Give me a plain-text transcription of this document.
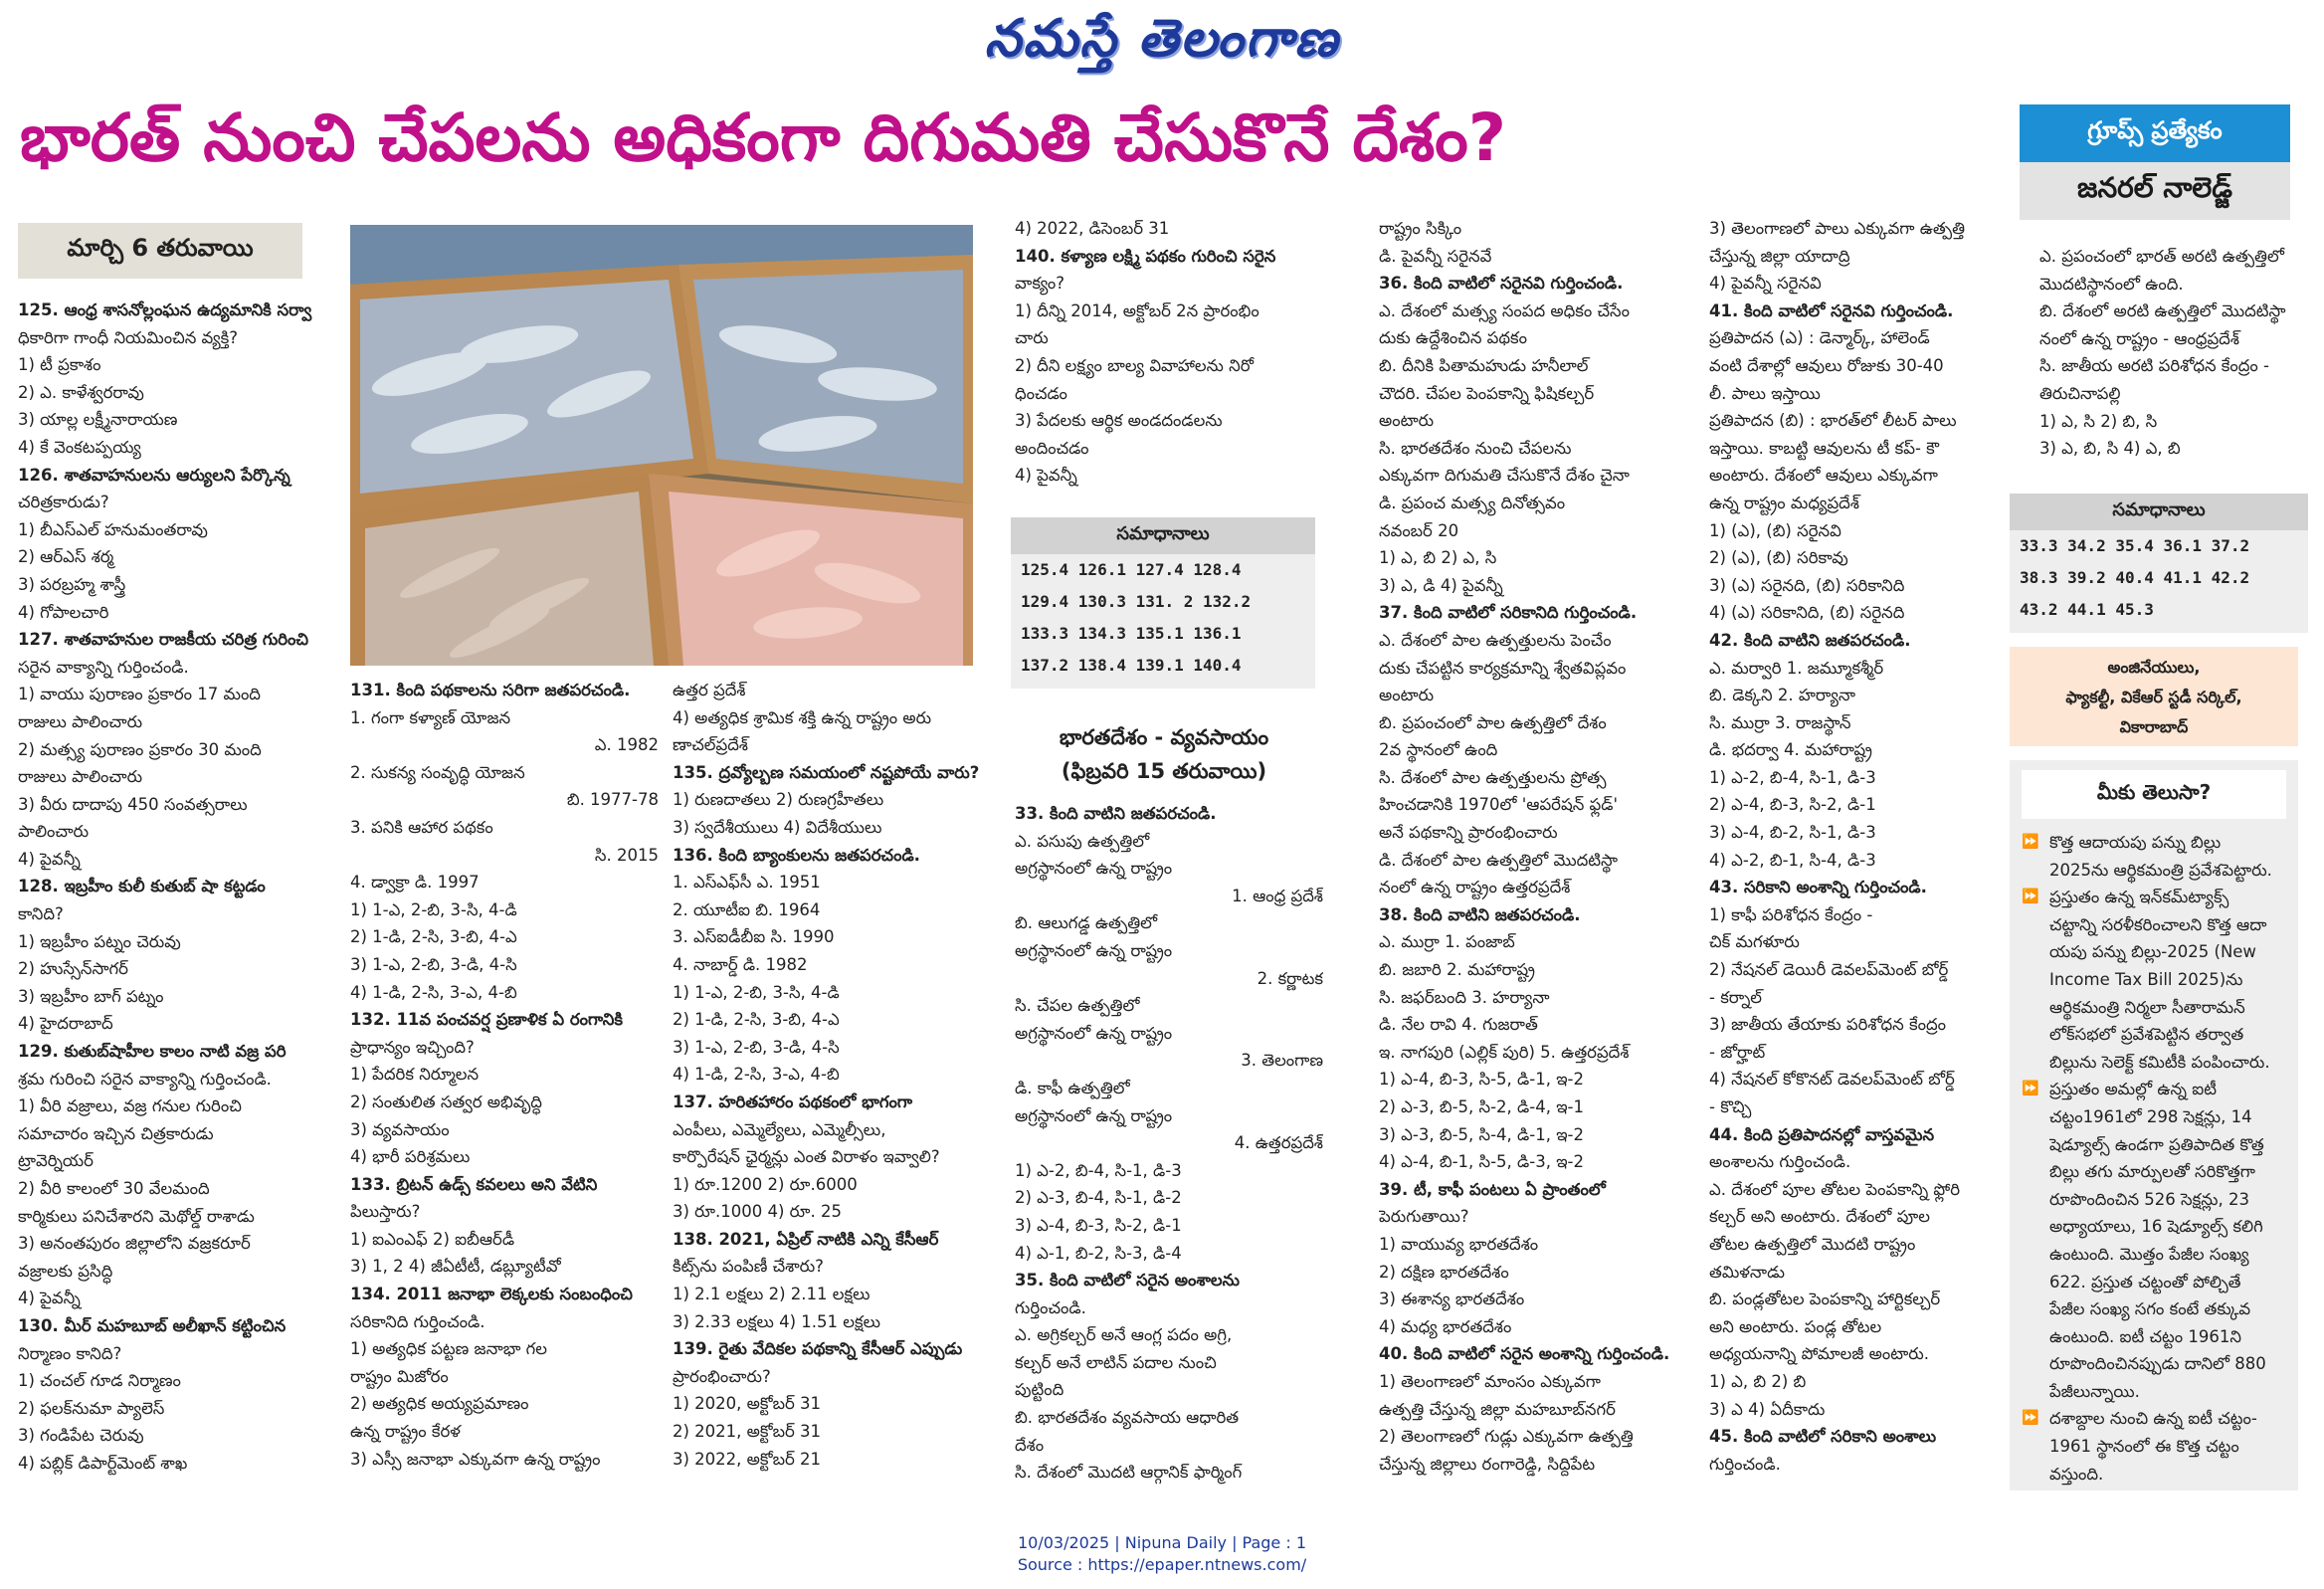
నమస్తే తెలంగాణ
భారత్ నుంచి చేపలను అధికంగా దిగుమతి చేసుకొనే దేశం?	గ్రూప్స్ ప్రత్యేకం
జనరల్ నాలెడ్జ్
మార్చి 6 తరువాయి
125. ఆంధ్ర శాసనోల్లంఘన ఉద్యమానికి సర్వా
ధికారిగా గాంధీ నియమించిన వ్యక్తి?
1) టీ ప్రకాశం
2) ఎ. కాళేశ్వరరావు
3) యాల్ల లక్ష్మీనారాయణ
4) కే వెంకటప్పయ్య
126. శాతవాహనులను ఆర్యులని పేర్కొన్న
చరిత్రకారుడు?
1) బీఎస్ఎల్ హనుమంతరావు
2) ఆర్ఎస్ శర్మ
3) పరబ్రహ్మ శాస్త్రీ
4) గోపాలచారి
127. శాతవాహనుల రాజకీయ చరిత్ర గురించి
సరైన వాక్యాన్ని గుర్తించండి.
1) వాయు పురాణం ప్రకారం 17 మంది
రాజులు పాలించారు
2) మత్స్య పురాణం ప్రకారం 30 మంది
రాజులు పాలించారు
3) వీరు దాదాపు 450 సంవత్సరాలు
పాలించారు
4) పైవన్నీ
128. ఇబ్రహీం కులీ కుతుబ్ షా కట్టడం
కానిది?
1) ఇబ్రహీం పట్నం చెరువు
2) హుస్సేన్‌సాగర్
3) ఇబ్రహీం బాగ్ పట్నం
4) హైదరాబాద్
129. కుతుబ్‌షాహీల కాలం నాటి వజ్ర పరి
శ్రమ గురించి సరైన వాక్యాన్ని గుర్తించండి.
1) వీరి వజ్రాలు, వజ్ర గనుల గురించి
సమాచారం ఇచ్చిన చిత్రకారుడు
ట్రావెర్నియర్
2) వీరి కాలంలో 30 వేలమంది
కార్మికులు పనిచేశారని మెథోల్డ్ రాశాడు
3) అనంతపురం జిల్లాలోని వజ్రకరూర్
వజ్రాలకు ప్రసిద్ధి
4) పైవన్నీ
130. మీర్ మహబూబ్ అలీఖాన్ కట్టించిన
నిర్మాణం కానిది?
1) చంచల్ గూడ నిర్మాణం
2) ఫలక్‌నుమా ప్యాలెస్
3) గండిపేట చెరువు
4) పబ్లిక్ డిపార్ట్‌మెంట్ శాఖ
131. కింది పథకాలను సరిగా జతపరచండి.
1. గంగా కళ్యాణ్ యోజన
ఎ. 1982
2. సుకన్య సంవృద్ధి యోజన
బి. 1977-78
3. పనికి ఆహార పథకం
సి. 2015
4. డ్వాక్రా డి. 1997
1) 1-ఎ, 2-బి, 3-సి, 4-డి
2) 1-డి, 2-సి, 3-బి, 4-ఎ
3) 1-ఎ, 2-బి, 3-డి, 4-సి
4) 1-డి, 2-సి, 3-ఎ, 4-బి
132. 11వ పంచవర్ష ప్రణాళిక ఏ రంగానికి
ప్రాధాన్యం ఇచ్చింది?
1) పేదరిక నిర్మూలన
2) సంతులిత సత్వర అభివృద్ధి
3) వ్యవసాయం
4) భారీ పరిశ్రమలు
133. బ్రిటన్ ఉడ్స్ కవలలు అని వేటిని
పిలుస్తారు?
1) ఐఎంఎఫ్ 2) ఐబీఆర్‌డీ
3) 1, 2 4) జీఏటీటీ, డబ్ల్యూటీవో
134. 2011 జనాభా లెక్కలకు సంబంధించి
సరికానిది గుర్తించండి.
1) అత్యధిక పట్టణ జనాభా గల
రాష్ట్రం మిజోరం
2) అత్యధిక అయ్యప్రమాణం
ఉన్న రాష్ట్రం కేరళ
3) ఎస్సీ జనాభా ఎక్కువగా ఉన్న రాష్ట్రం
ఉత్తర ప్రదేశ్
4) అత్యధిక శ్రామిక శక్తి ఉన్న రాష్ట్రం అరు
ణాచల్‌ప్రదేశ్
135. ద్రవ్యోల్బణ సమయంలో నష్టపోయే వారు?
1) రుణదాతలు 2) రుణగ్రహీతలు
3) స్వదేశీయులు 4) విదేశీయులు
136. కింది బ్యాంకులను జతపరచండి.
1. ఎస్ఎఫ్‌సీ ఎ. 1951
2. యూటీఐ బి. 1964
3. ఎస్ఐడీబీఐ సి. 1990
4. నాబార్డ్ డి. 1982
1) 1-ఎ, 2-బి, 3-సి, 4-డి
2) 1-డి, 2-సి, 3-బి, 4-ఎ
3) 1-ఎ, 2-బి, 3-డి, 4-సి
4) 1-డి, 2-సి, 3-ఎ, 4-బి
137. హరితహారం పథకంలో భాగంగా
ఎంపీలు, ఎమ్మెల్యేలు, ఎమ్మెల్సీలు,
కార్పొరేషన్ ఛైర్మన్లు ఎంత విరాళం ఇవ్వాలి?
1) రూ.1200 2) రూ.6000
3) రూ.1000 4) రూ. 25
138. 2021, ఏప్రిల్ నాటికి ఎన్ని కేసీఆర్
కిట్స్‌ను పంపిణీ చేశారు?
1) 2.1 లక్షలు 2) 2.11 లక్షలు
3) 2.33 లక్షలు 4) 1.51 లక్షలు
139. రైతు వేదికల పథకాన్ని కేసీఆర్ ఎప్పుడు
ప్రారంభించారు?
1) 2020, అక్టోబర్ 31
2) 2021, అక్టోబర్ 31
3) 2022, అక్టోబర్ 21
4) 2022, డిసెంబర్ 31
140. కళ్యాణ లక్ష్మి పథకం గురించి సరైన
వాక్యం?
1) దీన్ని 2014, అక్టోబర్ 2న ప్రారంభిం
చారు
2) దీని లక్ష్యం బాల్య వివాహాలను నిరో
ధించడం
3) పేదలకు ఆర్థిక అండదండలను
అందించడం
4) పైవన్నీ
సమాధానాలు
125.4 126.1 127.4 128.4
129.4 130.3 131. 2 132.2
133.3 134.3 135.1 136.1
137.2 138.4 139.1 140.4
భారతదేశం - వ్యవసాయం
(ఫిబ్రవరి 15 తరువాయి)
33. కింది వాటిని జతపరచండి.
ఎ. పసుపు ఉత్పత్తిలో
అగ్రస్థానంలో ఉన్న రాష్ట్రం
1. ఆంధ్ర ప్రదేశ్
బి. ఆలుగడ్డ ఉత్పత్తిలో
అగ్రస్థానంలో ఉన్న రాష్ట్రం
2. కర్ణాటక
సి. చేపల ఉత్పత్తిలో
అగ్రస్థానంలో ఉన్న రాష్ట్రం
3. తెలంగాణ
డి. కాఫీ ఉత్పత్తిలో
అగ్రస్థానంలో ఉన్న రాష్ట్రం
4. ఉత్తరప్రదేశ్
1) ఎ-2, బి-4, సి-1, డి-3
2) ఎ-3, బి-4, సి-1, డి-2
3) ఎ-4, బి-3, సి-2, డి-1
4) ఎ-1, బి-2, సి-3, డి-4
35. కింది వాటిలో సరైన అంశాలను
గుర్తించండి.
ఎ. అగ్రికల్చర్ అనే ఆంగ్ల పదం అగ్రి,
కల్చర్ అనే లాటిన్ పదాల నుంచి
పుట్టింది
బి. భారతదేశం వ్యవసాయ ఆధారిత
దేశం
సి. దేశంలో మొదటి ఆర్గానిక్ ఫార్మింగ్
రాష్ట్రం సిక్కిం
డి. పైవన్నీ సరైనవే
36. కింది వాటిలో సరైనవి గుర్తించండి.
ఎ. దేశంలో మత్స్య సంపద అధికం చేసేం
దుకు ఉద్దేశించిన పథకం
బి. దీనికి పితామహుడు హనీలాల్
చౌదరి. చేపల పెంపకాన్ని ఫిషికల్చర్
అంటారు
సి. భారతదేశం నుంచి చేపలను
ఎక్కువగా దిగుమతి చేసుకొనే దేశం చైనా
డి. ప్రపంచ మత్స్య దినోత్సవం
నవంబర్ 20
1) ఎ, బి 2) ఎ, సి
3) ఎ, డి 4) పైవన్నీ
37. కింది వాటిలో సరికానిది గుర్తించండి.
ఎ. దేశంలో పాల ఉత్పత్తులను పెంచేం
దుకు చేపట్టిన కార్యక్రమాన్ని శ్వేతవిప్లవం
అంటారు
బి. ప్రపంచంలో పాల ఉత్పత్తిలో దేశం
2వ స్థానంలో ఉంది
సి. దేశంలో పాల ఉత్పత్తులను ప్రోత్స
హించడానికి 1970లో 'ఆపరేషన్ ఫ్లడ్'
అనే పథకాన్ని ప్రారంభించారు
డి. దేశంలో పాల ఉత్పత్తిలో మొదటిస్థా
నంలో ఉన్న రాష్ట్రం ఉత్తరప్రదేశ్
38. కింది వాటిని జతపరచండి.
ఎ. ముర్రా 1. పంజాబ్
బి. జబారి 2. మహారాష్ట్ర
సి. జఫర్‌బంది 3. హర్యానా
డి. నేల రావి 4. గుజరాత్
ఇ. నాగపురి (ఎల్లిక్ పురి) 5. ఉత్తరప్రదేశ్
1) ఎ-4, బి-3, సి-5, డి-1, ఇ-2
2) ఎ-3, బి-5, సి-2, డి-4, ఇ-1
3) ఎ-3, బి-5, సి-4, డి-1, ఇ-2
4) ఎ-4, బి-1, సి-5, డి-3, ఇ-2
39. టీ, కాఫీ పంటలు ఏ ప్రాంతంలో
పెరుగుతాయి?
1) వాయువ్య భారతదేశం
2) దక్షిణ భారతదేశం
3) ఈశాన్య భారతదేశం
4) మధ్య భారతదేశం
40. కింది వాటిలో సరైన అంశాన్ని గుర్తించండి.
1) తెలంగాణలో మాంసం ఎక్కువగా
ఉత్పత్తి చేస్తున్న జిల్లా మహబూబ్‌నగర్
2) తెలంగాణలో గుడ్లు ఎక్కువగా ఉత్పత్తి
చేస్తున్న జిల్లాలు రంగారెడ్డి, సిద్దిపేట
3) తెలంగాణలో పాలు ఎక్కువగా ఉత్పత్తి
చేస్తున్న జిల్లా యాదాద్రి
4) పైవన్నీ సరైనవి
41. కింది వాటిలో సరైనవి గుర్తించండి.
ప్రతిపాదన (ఎ) : డెన్మార్క్, హాలెండ్
వంటి దేశాల్లో ఆవులు రోజుకు 30-40
లీ. పాలు ఇస్తాయి
ప్రతిపాదన (బి) : భారత్‌లో లీటర్ పాలు
ఇస్తాయి. కాబట్టి ఆవులను టీ కప్- కౌ
అంటారు. దేశంలో ఆవులు ఎక్కువగా
ఉన్న రాష్ట్రం మధ్యప్రదేశ్
1) (ఎ), (బి) సరైనవి
2) (ఎ), (బి) సరికావు
3) (ఎ) సరైనది, (బి) సరికానిది
4) (ఎ) సరికానిది, (బి) సరైనది
42. కింది వాటిని జతపరచండి.
ఎ. మర్వారి 1. జమ్మూకశ్మీర్
బి. డెక్కని 2. హర్యానా
సి. ముర్రా 3. రాజస్థాన్
డి. భదర్వా 4. మహారాష్ట్ర
1) ఎ-2, బి-4, సి-1, డి-3
2) ఎ-4, బి-3, సి-2, డి-1
3) ఎ-4, బి-2, సి-1, డి-3
4) ఎ-2, బి-1, సి-4, డి-3
43. సరికాని అంశాన్ని గుర్తించండి.
1) కాఫీ పరిశోధన కేంద్రం -
చిక్ మగళూరు
2) నేషనల్ డెయిరీ డెవలప్‌మెంట్ బోర్డ్
- కర్నాల్
3) జాతీయ తేయాకు పరిశోధన కేంద్రం
- జోర్హాట్
4) నేషనల్ కోకొనట్ డెవలప్‌మెంట్ బోర్డ్
- కొచ్చి
44. కింది ప్రతిపాదనల్లో వాస్తవమైన
అంశాలను గుర్తించండి.
ఎ. దేశంలో పూల తోటల పెంపకాన్ని ఫ్లోరి
కల్చర్ అని అంటారు. దేశంలో పూల
తోటల ఉత్పత్తిలో మొదటి రాష్ట్రం
తమిళనాడు
బి. పండ్లతోటల పెంపకాన్ని హార్టికల్చర్
అని అంటారు. పండ్ల తోటల
అధ్యయనాన్ని పోమాలజీ అంటారు.
1) ఎ, బి 2) బి
3) ఎ 4) ఏదీకాదు
45. కింది వాటిలో సరికాని అంశాలు
గుర్తించండి.
ఎ. ప్రపంచంలో భారత్ అరటి ఉత్పత్తిలో
మొదటిస్థానంలో ఉంది.
బి. దేశంలో అరటి ఉత్పత్తిలో మొదటిస్థా
నంలో ఉన్న రాష్ట్రం - ఆంధ్రప్రదేశ్
సి. జాతీయ అరటి పరిశోధన కేంద్రం -
తిరుచినాపల్లి
1) ఎ, సి 2) బి, సి
3) ఎ, బి, సి 4) ఎ, బి
సమాధానాలు
33.3 34.2 35.4 36.1 37.2
38.3 39.2 40.4 41.1 42.2
43.2 44.1 45.3
అంజినేయులు,
ఫ్యాకల్టీ, వికేఆర్ స్టడీ సర్కిల్,
వికారాబాద్
మీకు తెలుసా?
⏩ కొత్త ఆదాయపు పన్ను బిల్లు
2025ను ఆర్థికమంత్రి ప్రవేశపెట్టారు.
⏩ ప్రస్తుతం ఉన్న ఇన్‌కమ్‌ట్యాక్స్
చట్టాన్ని సరళీకరించాలని కొత్త ఆదా
యపు పన్ను బిల్లు-2025 (New
Income Tax Bill 2025)ను
ఆర్థికమంత్రి నిర్మలా సీతారామన్
లోక్‌సభలో ప్రవేశపెట్టిన తర్వాత
బిల్లును సెలెక్ట్ కమిటీకి పంపించారు.
⏩ ప్రస్తుతం అమల్లో ఉన్న ఐటీ
చట్టం1961లో 298 సెక్షన్లు, 14
షెడ్యూల్స్ ఉండగా ప్రతిపాదిత కొత్త
బిల్లు తగు మార్పులతో సరికొత్తగా
రూపొందించిన 526 సెక్షన్లు, 23
అధ్యాయాలు, 16 షెడ్యూల్స్ కలిగి
ఉంటుంది. మొత్తం పేజీల సంఖ్య
622. ప్రస్తుత చట్టంతో పోల్చితే
పేజీల సంఖ్య సగం కంటే తక్కువ
ఉంటుంది. ఐటీ చట్టం 1961ని
రూపొందించినప్పుడు దానిలో 880
పేజీలున్నాయి.
⏩ దశాబ్దాల నుంచి ఉన్న ఐటీ చట్టం-
1961 స్థానంలో ఈ కొత్త చట్టం
వస్తుంది.
10/03/2025 | Nipuna Daily | Page : 1
Source : https://epaper.ntnews.com/
